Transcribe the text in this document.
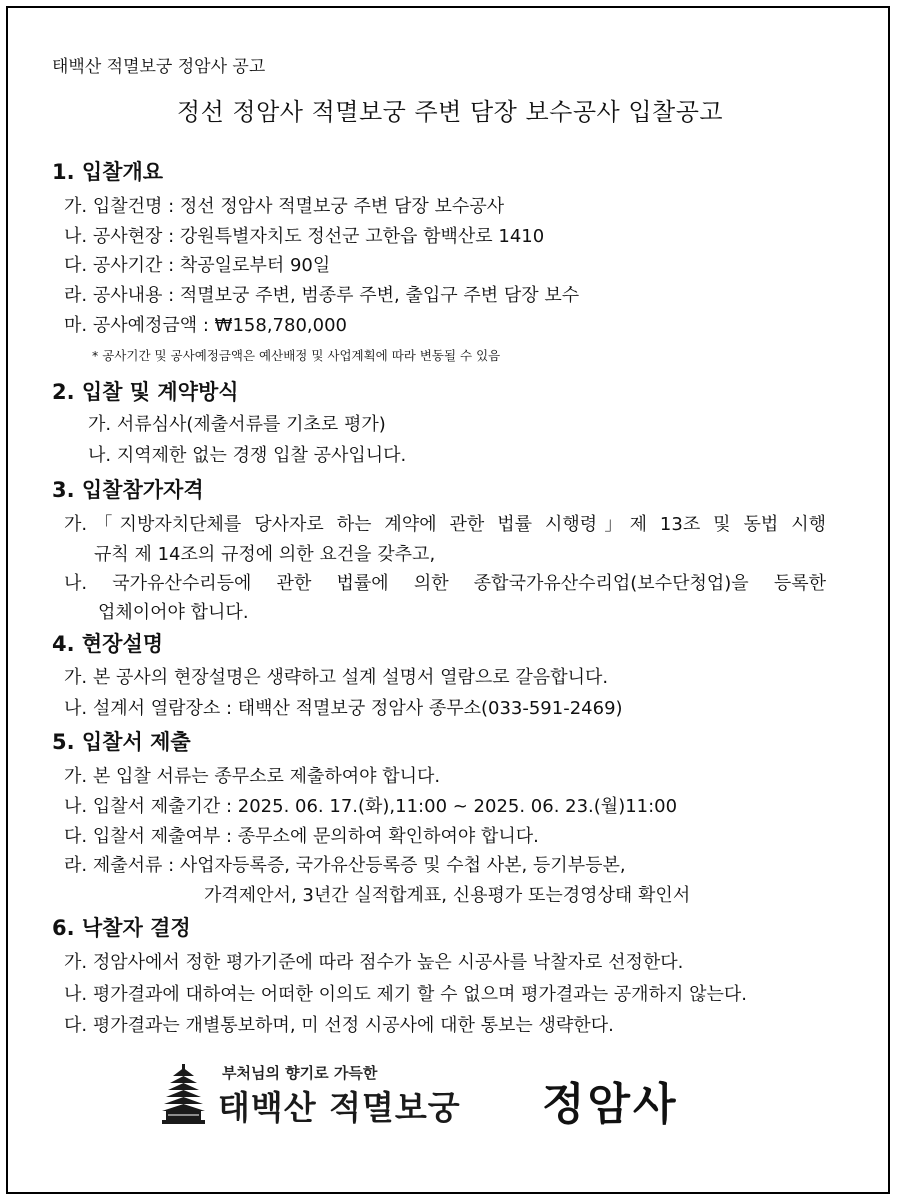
태백산 적멸보궁 정암사 공고
정선 정암사 적멸보궁 주변 담장 보수공사 입찰공고
1. 입찰개요
가. 입찰건명 : 정선 정암사 적멸보궁 주변 담장 보수공사
나. 공사현장 : 강원특별자치도 정선군 고한읍 함백산로 1410
다. 공사기간 : 착공일로부터 90일
라. 공사내용 : 적멸보궁 주변, 범종루 주변, 출입구 주변 담장 보수
마. 공사예정금액 : ₩158,780,000
* 공사기간 및 공사예정금액은 예산배정 및 사업계획에 따라 변동될 수 있음
2. 입찰 및 계약방식
가. 서류심사(제출서류를 기초로 평가)
나. 지역제한 없는 경쟁 입찰 공사입니다.
3. 입찰참가자격
가.「지방자치단체를 당사자로 하는 계약에 관한 법률 시행령」제 13조 및 동법 시행
규칙 제 14조의 규정에 의한 요건을 갖추고,
나. 국가유산수리등에 관한 법률에 의한 종합국가유산수리업(보수단청업)을 등록한
업체이어야 합니다.
4. 현장설명
가. 본 공사의 현장설명은 생략하고 설계 설명서 열람으로 갈음합니다.
나. 설계서 열람장소 : 태백산 적멸보궁 정암사 종무소(033-591-2469)
5. 입찰서 제출
가. 본 입찰 서류는 종무소로 제출하여야 합니다.
나. 입찰서 제출기간 : 2025. 06. 17.(화),11:00 ~ 2025. 06. 23.(월)11:00
다. 입찰서 제출여부 : 종무소에 문의하여 확인하여야 합니다.
라. 제출서류 : 사업자등록증, 국가유산등록증 및 수첩 사본, 등기부등본,
가격제안서, 3년간 실적합계표, 신용평가 또는경영상태 확인서
6. 낙찰자 결정
가. 정암사에서 정한 평가기준에 따라 점수가 높은 시공사를 낙찰자로 선정한다.
나. 평가결과에 대하여는 어떠한 이의도 제기 할 수 없으며 평가결과는 공개하지 않는다.
다. 평가결과는 개별통보하며, 미 선정 시공사에 대한 통보는 생략한다.
부처님의 향기로 가득한
태백산 적멸보궁 정암사
